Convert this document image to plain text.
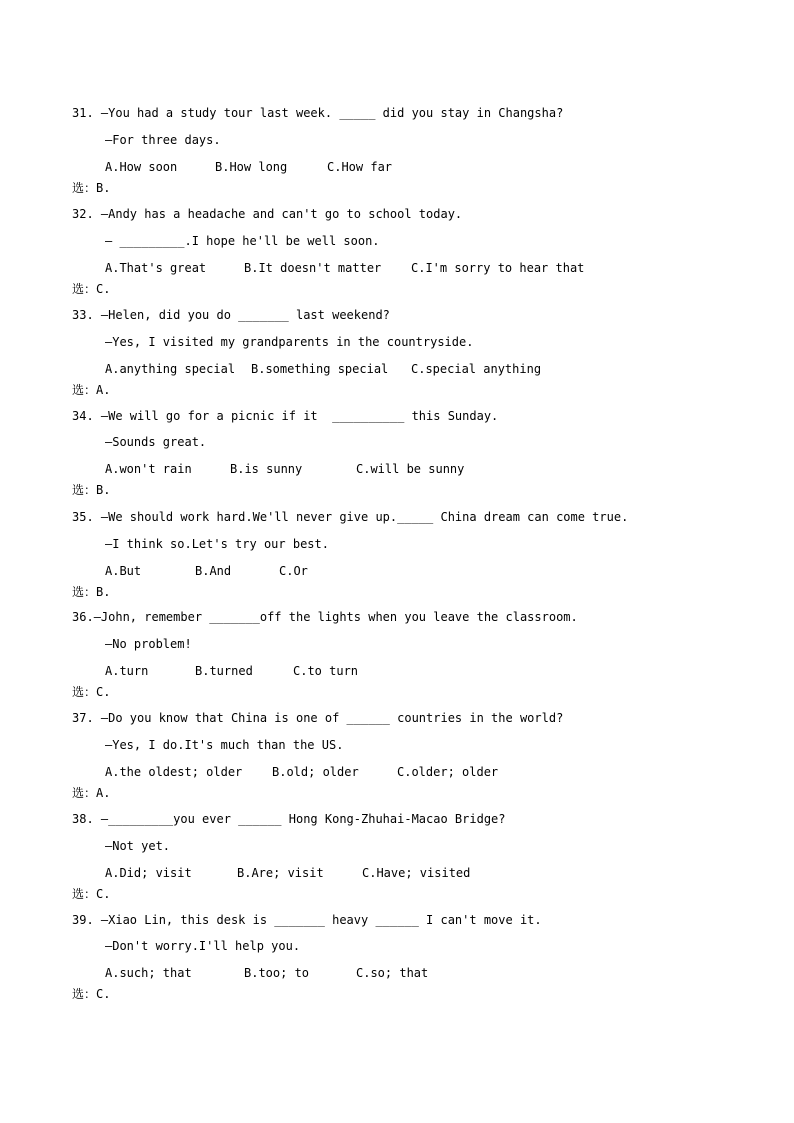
31. —You had a study tour last week. _____ did you stay in Changsha?
—For three days.

A.How soon

	B.How long

	C.How far

选：B.
32. —Andy has a headache and can't go to school today.
— _________.I hope he'll be well soon.

A.That's great

	B.It doesn't matter

C.I'm sorry to hear that

选：C.
33. —Helen, did you do _______ last weekend?
—Yes, I visited my grandparents in the countryside.

A.anything special

B.something special

C.special anything

选：A.
34. —We will go for a picnic if it  __________ this Sunday.
—Sounds great.

A.won't rain

	B.is sunny

	C.will be sunny

选：B.
35. —We should work hard.We'll never give up._____ China dream can come true.
—I think so.Let's try our best.

A.But

	B.And

	C.Or

选：B.
36.—John, remember _______off the lights when you leave the classroom.
—No problem!

A.turn

	B.turned

	C.to turn

选：C.
37. —Do you know that China is one of ______ countries in the world?
—Yes, I do.It's much than the US.

A.the oldest; older

B.old; older

	C.older; older

选：A.
38. —_________you ever ______ Hong Kong-Zhuhai-Macao Bridge?
—Not yet.

A.Did; visit

	B.Are; visit

	C.Have; visited

选：C.
39. —Xiao Lin, this desk is _______ heavy ______ I can't move it.
—Don't worry.I'll help you.

A.such; that

	B.too; to

	C.so; that

选：C.
